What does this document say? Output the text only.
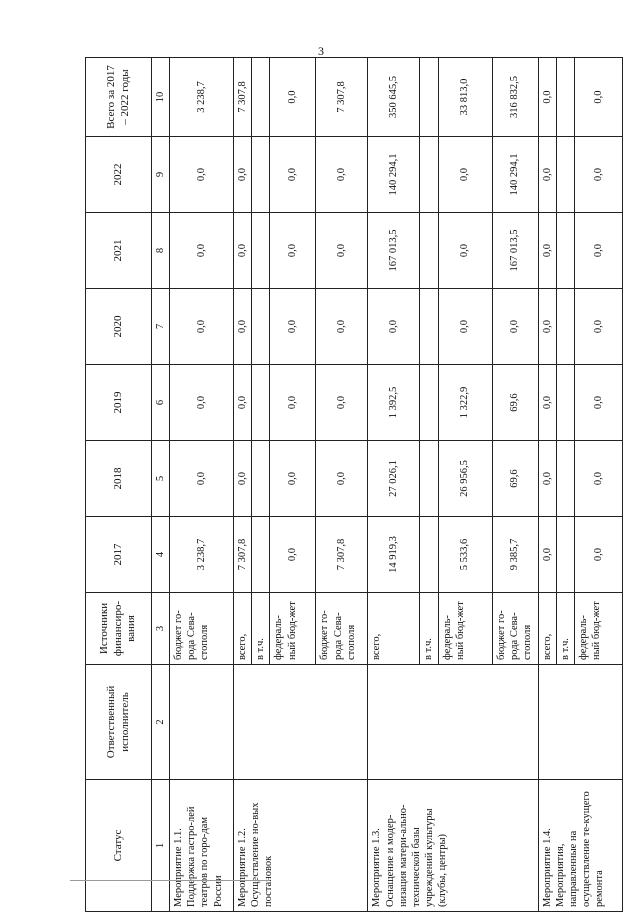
3
Статус	Ответственный исполнитель	Источники финансиро-вания	2017	2018	2019	2020	2021	2022	Всего за 2017 – 2022 годы
1	2	3	4	5	6	7	8	9	10
Мероприятие 1.1. Поддержка гастро-лей театров по горо-дам России		бюджет го-рода Сева-стополя	3 238,7	0,0	0,0	0,0	0,0	0,0	3 238,7
Мероприятие 1.2. Осуществление но-вых постановок		всего,	7 307,8	0,0	0,0	0,0	0,0	0,0	7 307,8
		в т.ч.							
		федераль-ный бюд-жет	0,0	0,0	0,0	0,0	0,0	0,0	0,0
		бюджет го-рода Сева-стополя	7 307,8	0,0	0,0	0,0	0,0	0,0	7 307,8
Мероприятие 1.3. Оснащение и модер-низация матери-ально-технической базы учреждений культуры (клубы, центры)		всего,	14 919,3	27 026,1	1 392,5	0,0	167 013,5	140 294,1	350 645,5
		в т.ч.							
		федераль-ный бюд-жет	5 533,6	26 956,5	1 322,9	0,0	0,0	0,0	33 813,0
		бюджет го-рода Сева-стополя	9 385,7	69,6	69,6	0,0	167 013,5	140 294,1	316 832,5
Мероприятие 1.4. Мероприятия, направленные на осуществление те-кущего ремонта		всего,	0,0	0,0	0,0	0,0	0,0	0,0	0,0
		в т.ч.							
		федераль-ный бюд-жет	0,0	0,0	0,0	0,0	0,0	0,0	0,0
